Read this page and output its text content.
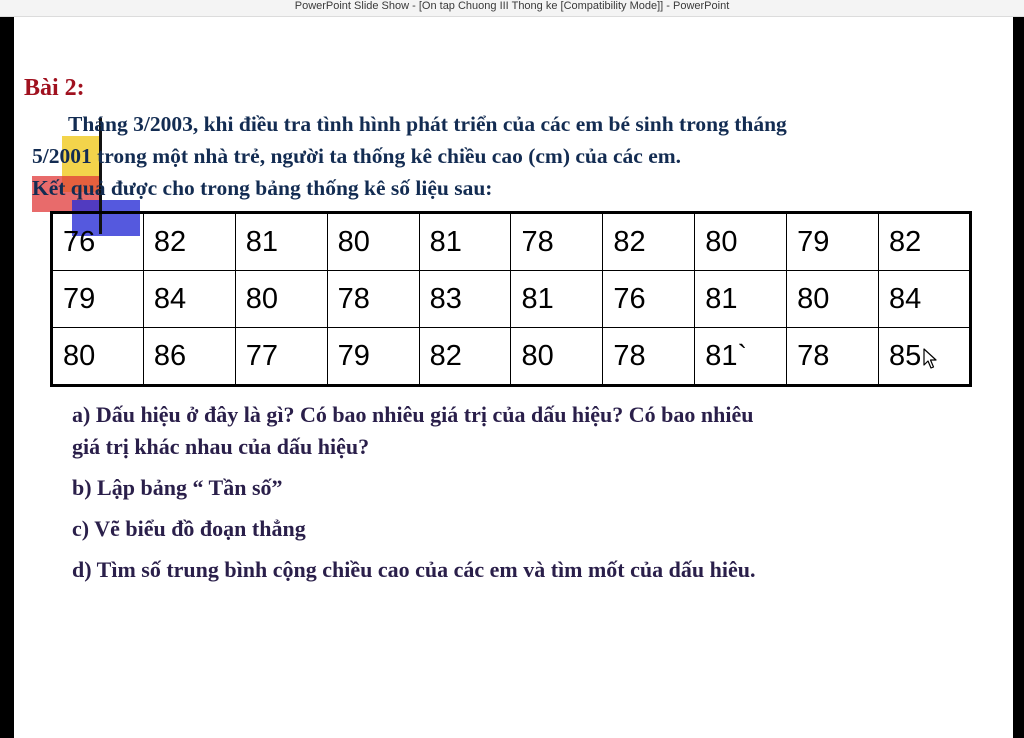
PowerPoint Slide Show - [On tap Chuong III Thong ke [Compatibility Mode]] - PowerPoint
Bài 2:

Tháng 3/2003, khi điều tra tình hình phát triển của các em bé sinh trong tháng

5/2001 trong một nhà trẻ, người ta thống kê chiều cao (cm) của các em.

Kết quả được cho trong bảng thống kê số liệu sau:

76	82	81	80	81	78	82	80	79	82
79	84	80	78	83	81	76	81	80	84
80	86	77	79	82	80	78	81`	78	85

a) Dấu hiệu ở đây là gì? Có bao nhiêu giá trị của dấu hiệu? Có bao nhiêu

giá trị khác nhau của dấu hiệu?

b) Lập bảng “ Tần số”

c) Vẽ biểu đồ đoạn thẳng

d) Tìm số trung bình cộng chiều cao của các em và tìm mốt của dấu hiêu.
